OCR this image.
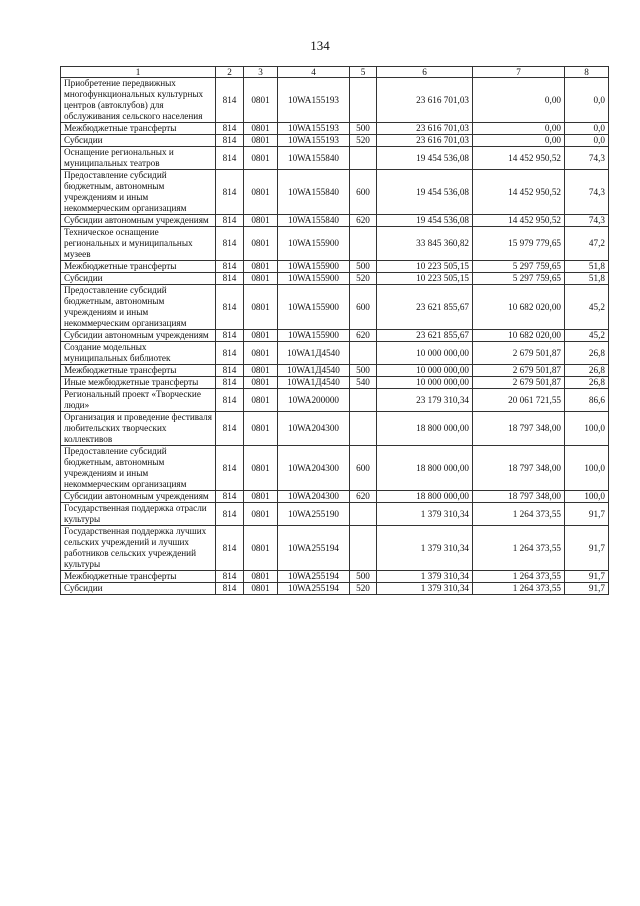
134
1	2	3	4	5	6	7	8
Приобретение передвижных многофункциональных культурных центров (автоклубов) для обслуживания сельского населения	814	0801	10WA155193		23 616 701,03	0,00	0,0
Межбюджетные трансферты	814	0801	10WA155193	500	23 616 701,03	0,00	0,0
Субсидии	814	0801	10WA155193	520	23 616 701,03	0,00	0,0
Оснащение региональных и муниципальных театров	814	0801	10WA155840		19 454 536,08	14 452 950,52	74,3
Предоставление субсидий бюджетным, автономным учреждениям и иным некоммерческим организациям	814	0801	10WA155840	600	19 454 536,08	14 452 950,52	74,3
Субсидии автономным учреждениям	814	0801	10WA155840	620	19 454 536,08	14 452 950,52	74,3
Техническое оснащение региональных и муниципальных музеев	814	0801	10WA155900		33 845 360,82	15 979 779,65	47,2
Межбюджетные трансферты	814	0801	10WA155900	500	10 223 505,15	5 297 759,65	51,8
Субсидии	814	0801	10WA155900	520	10 223 505,15	5 297 759,65	51,8
Предоставление субсидий бюджетным, автономным учреждениям и иным некоммерческим организациям	814	0801	10WA155900	600	23 621 855,67	10 682 020,00	45,2
Субсидии автономным учреждениям	814	0801	10WA155900	620	23 621 855,67	10 682 020,00	45,2
Создание модельных муниципальных библиотек	814	0801	10WA1Д4540		10 000 000,00	2 679 501,87	26,8
Межбюджетные трансферты	814	0801	10WA1Д4540	500	10 000 000,00	2 679 501,87	26,8
Иные межбюджетные трансферты	814	0801	10WA1Д4540	540	10 000 000,00	2 679 501,87	26,8
Региональный проект «Творческие люди»	814	0801	10WA200000		23 179 310,34	20 061 721,55	86,6
Организация и проведение фестиваля любительских творческих коллективов	814	0801	10WA204300		18 800 000,00	18 797 348,00	100,0
Предоставление субсидий бюджетным, автономным учреждениям и иным некоммерческим организациям	814	0801	10WA204300	600	18 800 000,00	18 797 348,00	100,0
Субсидии автономным учреждениям	814	0801	10WA204300	620	18 800 000,00	18 797 348,00	100,0
Государственная поддержка отрасли культуры	814	0801	10WA255190		1 379 310,34	1 264 373,55	91,7
Государственная поддержка лучших сельских учреждений и лучших работников сельских учреждений культуры	814	0801	10WA255194		1 379 310,34	1 264 373,55	91,7
Межбюджетные трансферты	814	0801	10WA255194	500	1 379 310,34	1 264 373,55	91,7
Субсидии	814	0801	10WA255194	520	1 379 310,34	1 264 373,55	91,7
